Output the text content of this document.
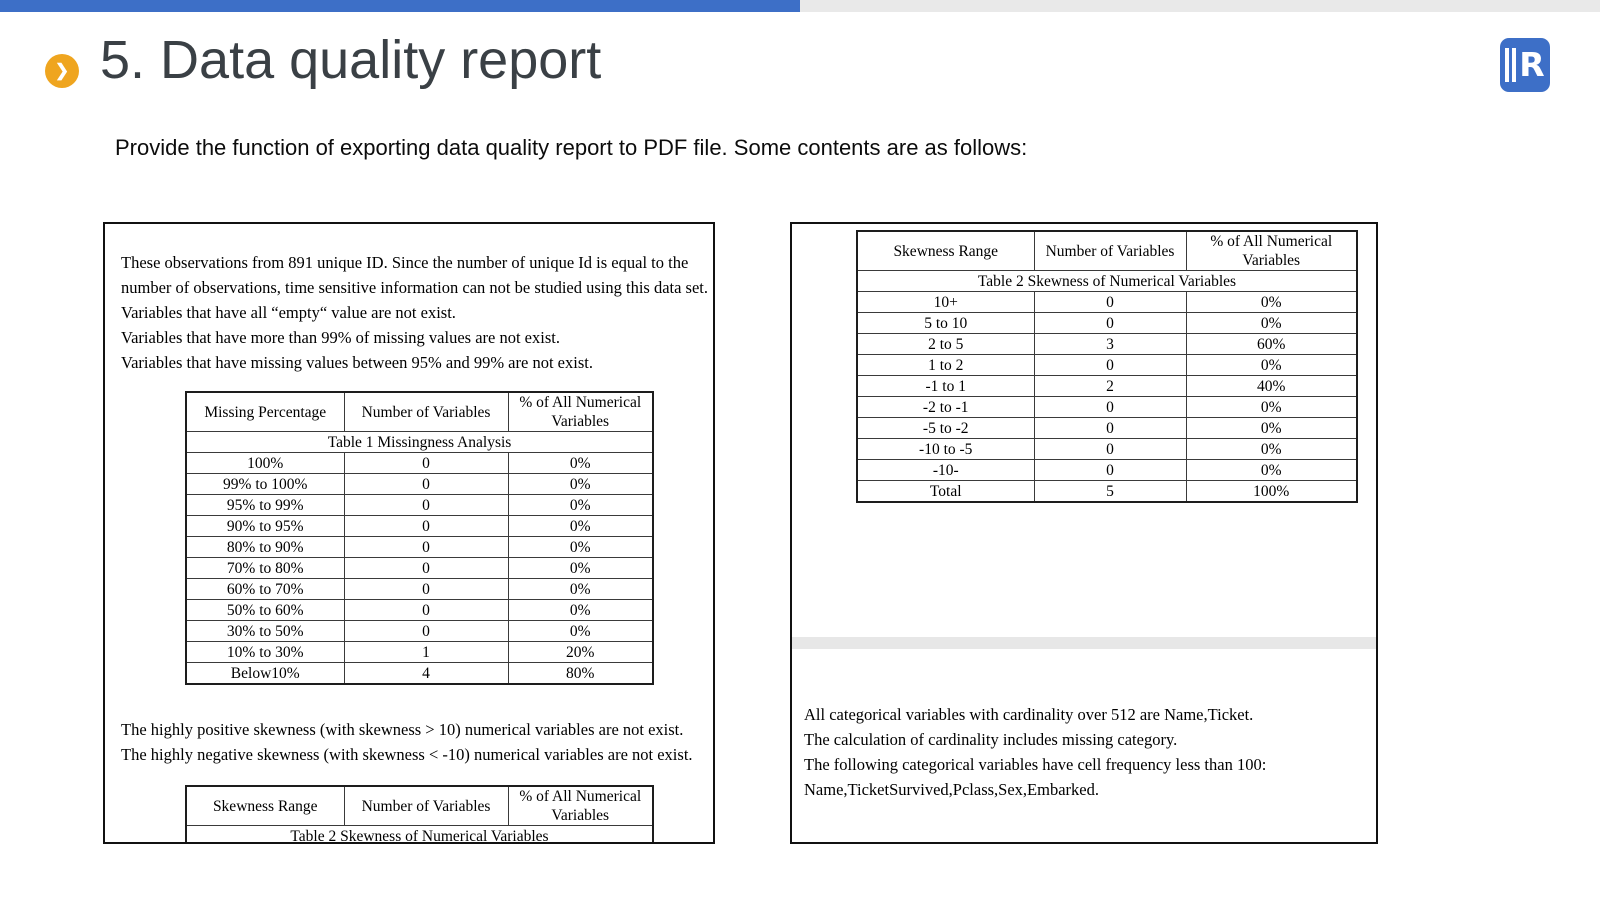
❯ 5. Data quality report	R
Provide the function of exporting data quality report to PDF file. Some contents are as follows:
These observations from 891 unique ID. Since the number of unique Id is equal to the
number of observations, time sensitive information can not be studied using this data set.
Variables that have all “empty“ value are not exist.
Variables that have more than 99% of missing values are not exist.
Variables that have missing values between 95% and 99% are not exist.
Table 1 Missingness Analysis		
Missing Percentage	Number of Variables	% of All Numerical Variables
100%	0	0%
99% to 100%	0	0%
95% to 99%	0	0%
90% to 95%	0	0%
80% to 90%	0	0%
70% to 80%	0	0%
60% to 70%	0	0%
50% to 60%	0	0%
30% to 50%	0	0%
10% to 30%	1	20%
Below10%	4	80%
The highly positive skewness (with skewness > 10) numerical variables are not exist.
The highly negative skewness (with skewness < -10) numerical variables are not exist.
Table 2 Skewness of Numerical Variables
Skewness Range	Number of Variables	% of All Numerical Variables
Table 2 Skewness of Numerical Variables		
Skewness Range	Number of Variables	% of All Numerical Variables
10+	0	0%
5 to 10	0	0%
2 to 5	3	60%
1 to 2	0	0%
-1 to 1	2	40%
-2 to -1	0	0%
-5 to -2	0	0%
-10 to -5	0	0%
-10-	0	0%
Total	5	100%
All categorical variables with cardinality over 512 are Name,Ticket.
The calculation of cardinality includes missing category.
The following categorical variables have cell frequency less than 100:
Name,TicketSurvived,Pclass,Sex,Embarked.
